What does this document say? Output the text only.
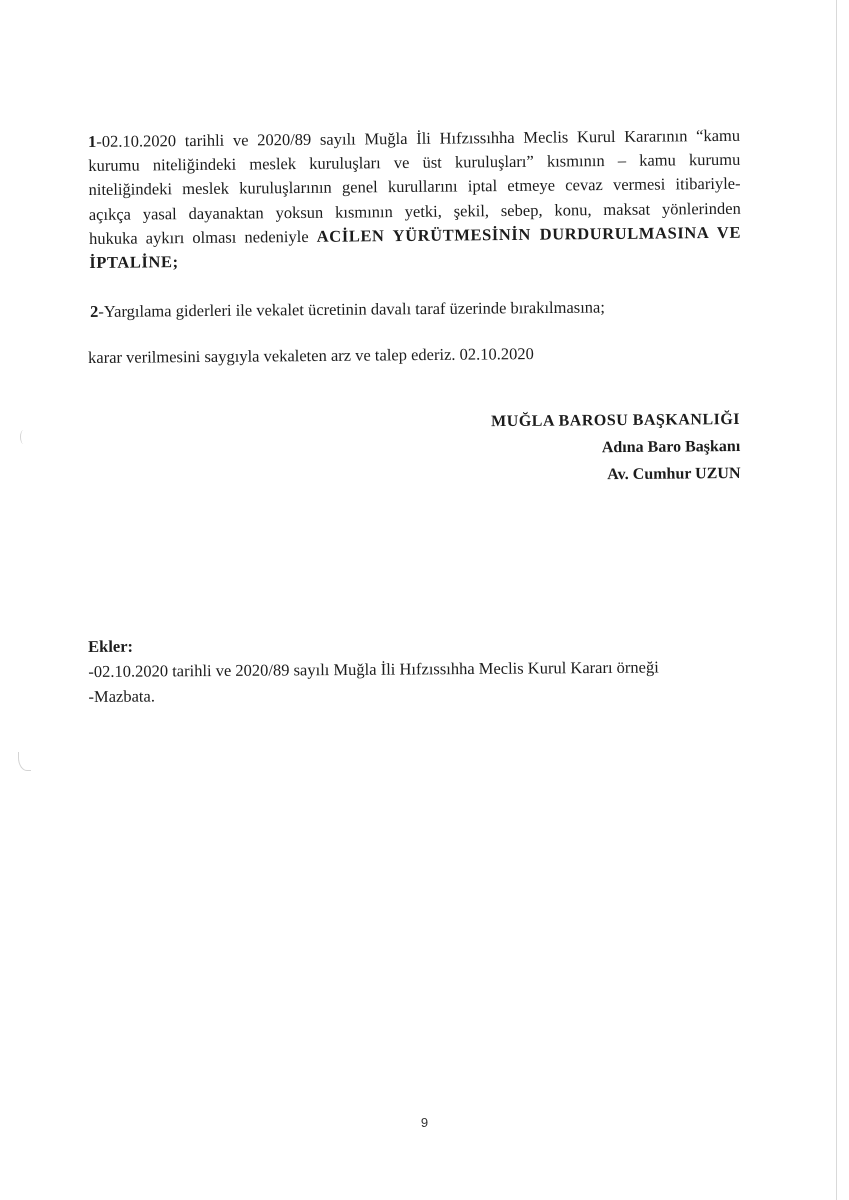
1-02.10.2020 tarihli ve 2020/89 sayılı Muğla İli Hıfzıssıhha Meclis Kurul Kararının “kamu
kurumu niteliğindeki meslek kuruluşları ve üst kuruluşları” kısmının – kamu kurumu
niteliğindeki meslek kuruluşlarının genel kurullarını iptal etmeye cevaz vermesi itibariyle-
açıkça yasal dayanaktan yoksun kısmının yetki, şekil, sebep, konu, maksat yönlerinden
hukuka aykırı olması nedeniyle ACİLEN YÜRÜTMESİNİN DURDURULMASINA VE
İPTALİNE;
2-Yargılama giderleri ile vekalet ücretinin davalı taraf üzerinde bırakılmasına;
karar verilmesini saygıyla vekaleten arz ve talep ederiz. 02.10.2020
MUĞLA BAROSU BAŞKANLIĞI
Adına Baro Başkanı
Av. Cumhur UZUN
Ekler:
-02.10.2020 tarihli ve 2020/89 sayılı Muğla İli Hıfzıssıhha Meclis Kurul Kararı örneği
-Mazbata.
9
